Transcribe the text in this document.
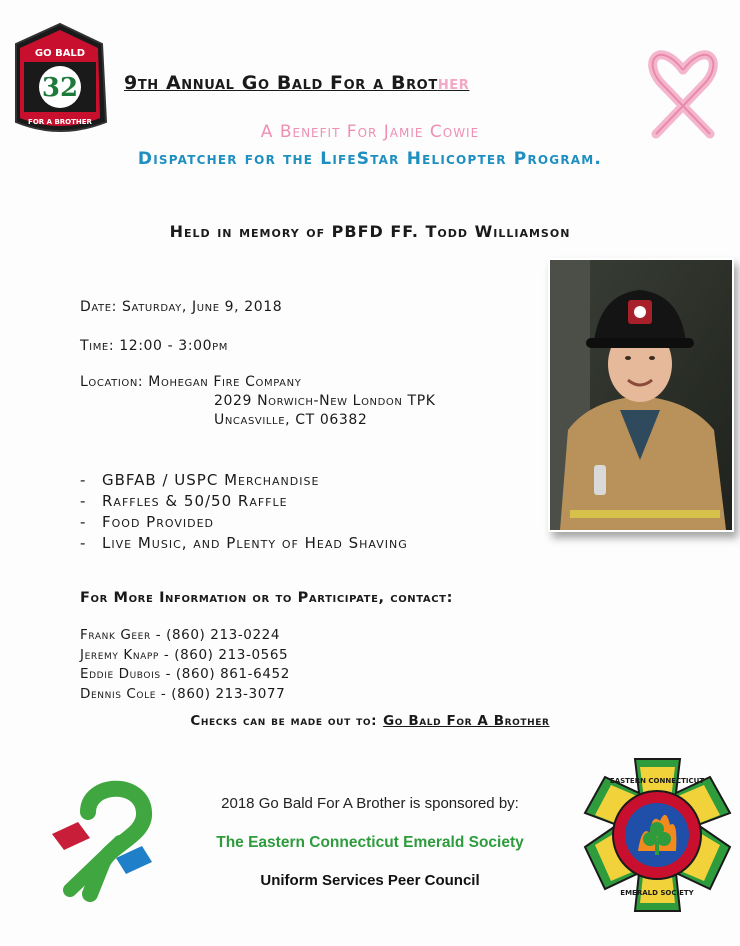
GO BALD
32
FOR A BROTHER
9th Annual Go Bald For a Brother
A Benefit For Jamie Cowie
Dispatcher for the LifeStar Helicopter Program.
Held in memory of PBFD FF. Todd Williamson
Date: Saturday, June 9, 2018
Time: 12:00 - 3:00pm
Location: Mohegan Fire Company
2029 Norwich-New London TPK
Uncasville, CT 06382
- GBFAB / USPC Merchandise
- Raffles & 50/50 Raffle
- Food Provided
- Live Music, and Plenty of Head Shaving
For More Information or to Participate, contact:
Frank Geer - (860) 213-0224
Jeremy Knapp - (860) 213-0565
Eddie Dubois - (860) 861-6452
Dennis Cole - (860) 213-3077
Checks can be made out to: Go Bald For A Brother
2018 Go Bald For A Brother is sponsored by:
The Eastern Connecticut Emerald Society
Uniform Services Peer Council
EASTERN CONNECTICUT
EMERALD SOCIETY
